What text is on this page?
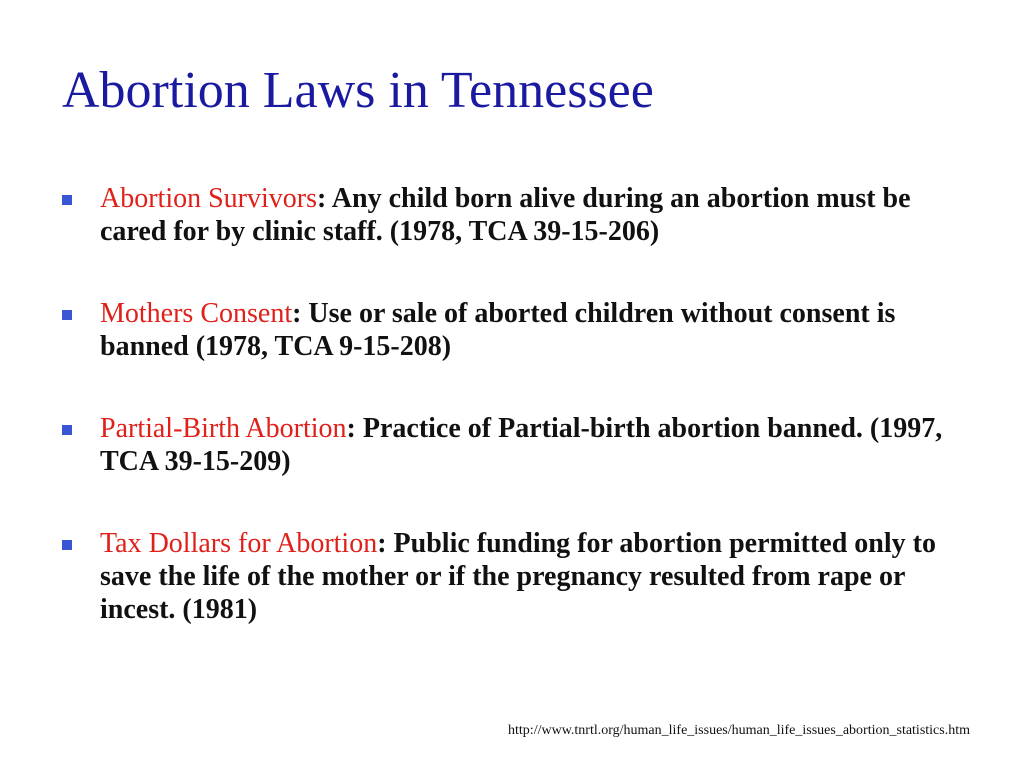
Abortion Laws in Tennessee
Abortion Survivors: Any child born alive during an abortion must be cared for by clinic staff. (1978, TCA 39-15-206)
Mothers Consent: Use or sale of aborted children without consent is banned (1978, TCA 9-15-208)
Partial-Birth Abortion: Practice of Partial-birth abortion banned. (1997, TCA 39-15-209)
Tax Dollars for Abortion: Public funding for abortion permitted only to save the life of the mother or if the pregnancy resulted from rape or incest. (1981)
http://www.tnrtl.org/human_life_issues/human_life_issues_abortion_statistics.htm
